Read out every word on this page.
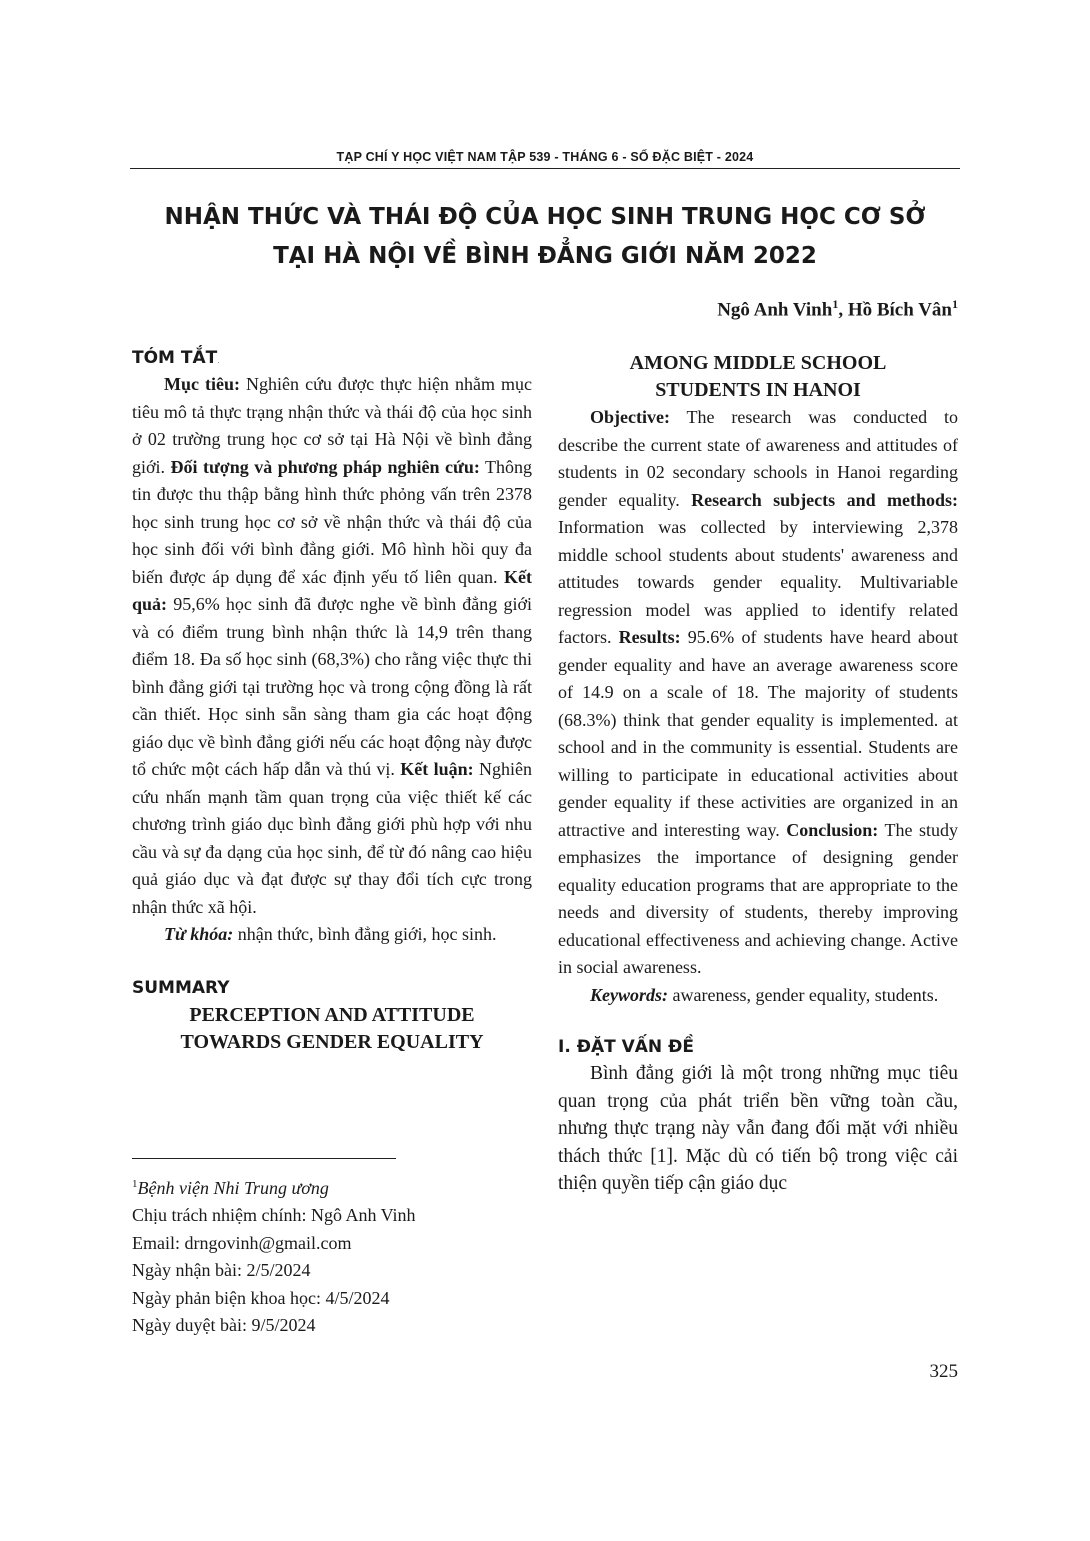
TẠP CHÍ Y HỌC VIỆT NAM TẬP 539 - THÁNG 6 - SỐ ĐẶC BIỆT - 2024
NHẬN THỨC VÀ THÁI ĐỘ CỦA HỌC SINH TRUNG HỌC CƠ SỞ
TẠI HÀ NỘI VỀ BÌNH ĐẲNG GIỚI NĂM 2022
Ngô Anh Vinh$^1$, Hồ Bích Vân$^1$
TÓM TẮT.

Mục tiêu: Nghiên cứu được thực hiện nhằm mục tiêu mô tả thực trạng nhận thức và thái độ của học sinh ở 02 trường trung học cơ sở tại Hà Nội về bình đẳng giới. Đối tượng và phương pháp nghiên cứu: Thông tin được thu thập bằng hình thức phỏng vấn trên 2378 học sinh trung học cơ sở về nhận thức và thái độ của học sinh đối với bình đẳng giới. Mô hình hồi quy đa biến được áp dụng để xác định yếu tố liên quan. Kết quả: 95,6% học sinh đã được nghe về bình đẳng giới và có điểm trung bình nhận thức là 14,9 trên thang điểm 18. Đa số học sinh (68,3%) cho rằng việc thực thi bình đẳng giới tại trường học và trong cộng đồng là rất cần thiết. Học sinh sẵn sàng tham gia các hoạt động giáo dục về bình đẳng giới nếu các hoạt động này được tổ chức một cách hấp dẫn và thú vị. Kết luận: Nghiên cứu nhấn mạnh tầm quan trọng của việc thiết kế các chương trình giáo dục bình đẳng giới phù hợp với nhu cầu và sự đa dạng của học sinh, để từ đó nâng cao hiệu quả giáo dục và đạt được sự thay đổi tích cực trong nhận thức xã hội.

Từ khóa: nhận thức, bình đẳng giới, học sinh.

SUMMARY
PERCEPTION AND ATTITUDE
TOWARDS GENDER EQUALITY
AMONG MIDDLE SCHOOL
STUDENTS IN HANOI

Objective: The research was conducted to describe the current state of awareness and attitudes of students in 02 secondary schools in Hanoi regarding gender equality. Research subjects and methods: Information was collected by interviewing 2,378 middle school students about students' awareness and attitudes towards gender equality. Multivariable regression model was applied to identify related factors. Results: 95.6% of students have heard about gender equality and have an average awareness score of 14.9 on a scale of 18. The majority of students (68.3%) think that gender equality is implemented. at school and in the community is essential. Students are willing to participate in educational activities about gender equality if these activities are organized in an attractive and interesting way. Conclusion: The study emphasizes the importance of designing gender equality education programs that are appropriate to the needs and diversity of students, thereby improving educational effectiveness and achieving change. Active in social awareness.

Keywords: awareness, gender equality, students.

I. ĐẶT VẤN ĐỀ

Bình đẳng giới là một trong những mục tiêu quan trọng của phát triển bền vững toàn cầu, nhưng thực trạng này vẫn đang đối mặt với nhiều thách thức [1]. Mặc dù có tiến bộ trong việc cải thiện quyền tiếp cận giáo dục

$^1$Bệnh viện Nhi Trung ương
Chịu trách nhiệm chính: Ngô Anh Vinh
Email: drngovinh@gmail.com
Ngày nhận bài: 2/5/2024
Ngày phản biện khoa học: 4/5/2024
Ngày duyệt bài: 9/5/2024
325
